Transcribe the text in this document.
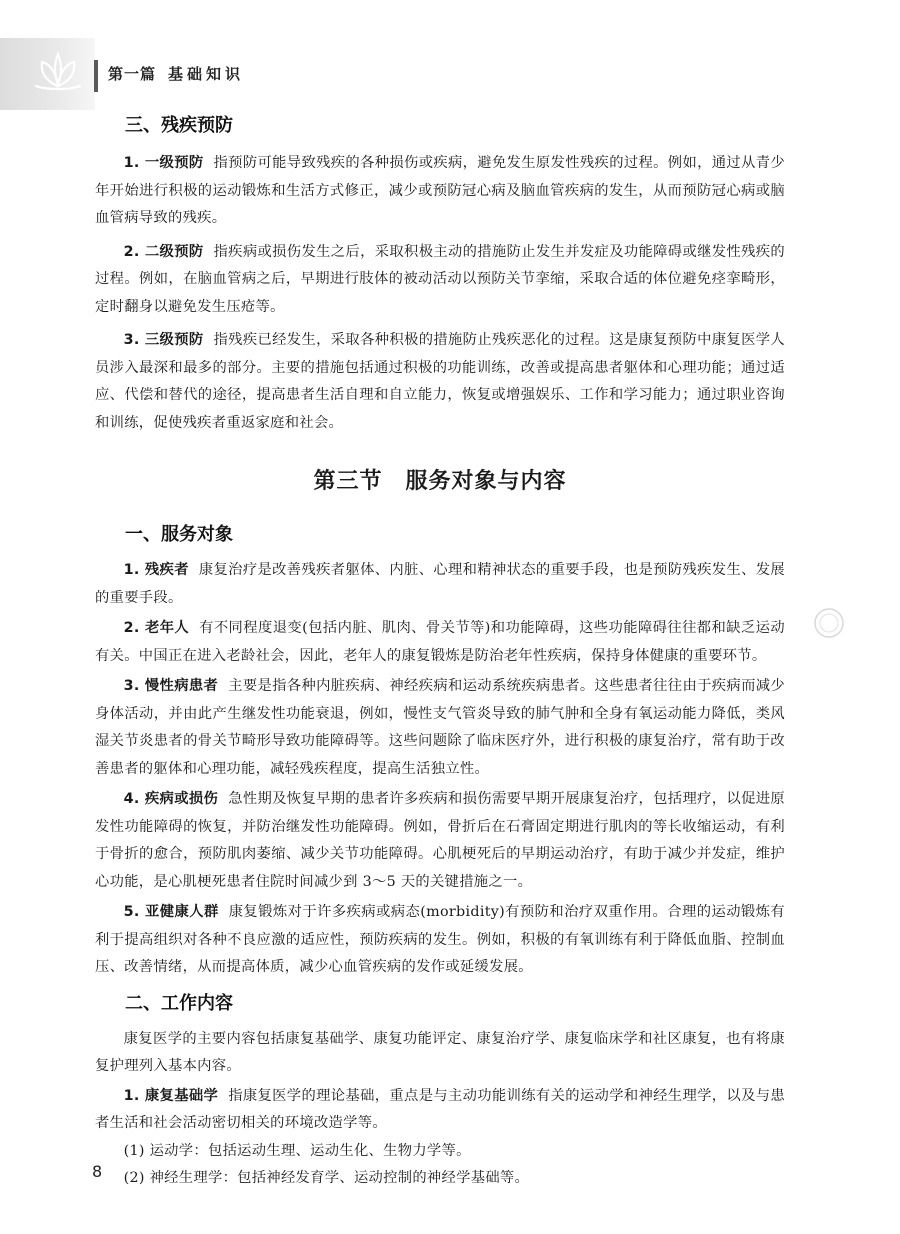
第一篇 基础知识
三、残疾预防

1. 一级预防 指预防可能导致残疾的各种损伤或疾病，避免发生原发性残疾的过程。例如，通过从青少年开始进行积极的运动锻炼和生活方式修正，减少或预防冠心病及脑血管疾病的发生，从而预防冠心病或脑血管病导致的残疾。

2. 二级预防 指疾病或损伤发生之后，采取积极主动的措施防止发生并发症及功能障碍或继发性残疾的过程。例如，在脑血管病之后，早期进行肢体的被动活动以预防关节挛缩，采取合适的体位避免痉挛畸形，定时翻身以避免发生压疮等。

3. 三级预防 指残疾已经发生，采取各种积极的措施防止残疾恶化的过程。这是康复预防中康复医学人员涉入最深和最多的部分。主要的措施包括通过积极的功能训练，改善或提高患者躯体和心理功能；通过适应、代偿和替代的途径，提高患者生活自理和自立能力，恢复或增强娱乐、工作和学习能力；通过职业咨询和训练，促使残疾者重返家庭和社会。

第三节　服务对象与内容
一、服务对象

1. 残疾者 康复治疗是改善残疾者躯体、内脏、心理和精神状态的重要手段，也是预防残疾发生、发展的重要手段。

2. 老年人 有不同程度退变(包括内脏、肌肉、骨关节等)和功能障碍，这些功能障碍往往都和缺乏运动有关。中国正在进入老龄社会，因此，老年人的康复锻炼是防治老年性疾病，保持身体健康的重要环节。

3. 慢性病患者 主要是指各种内脏疾病、神经疾病和运动系统疾病患者。这些患者往往由于疾病而减少身体活动，并由此产生继发性功能衰退，例如，慢性支气管炎导致的肺气肿和全身有氧运动能力降低，类风湿关节炎患者的骨关节畸形导致功能障碍等。这些问题除了临床医疗外，进行积极的康复治疗，常有助于改善患者的躯体和心理功能，减轻残疾程度，提高生活独立性。

4. 疾病或损伤 急性期及恢复早期的患者许多疾病和损伤需要早期开展康复治疗，包括理疗，以促进原发性功能障碍的恢复，并防治继发性功能障碍。例如，骨折后在石膏固定期进行肌肉的等长收缩运动，有利于骨折的愈合，预防肌肉萎缩、减少关节功能障碍。心肌梗死后的早期运动治疗，有助于减少并发症，维护心功能，是心肌梗死患者住院时间减少到 3～5 天的关键措施之一。

5. 亚健康人群 康复锻炼对于许多疾病或病态(morbidity)有预防和治疗双重作用。合理的运动锻炼有利于提高组织对各种不良应激的适应性，预防疾病的发生。例如，积极的有氧训练有利于降低血脂、控制血压、改善情绪，从而提高体质，减少心血管疾病的发作或延缓发展。

二、工作内容

康复医学的主要内容包括康复基础学、康复功能评定、康复治疗学、康复临床学和社区康复，也有将康复护理列入基本内容。

1. 康复基础学 指康复医学的理论基础，重点是与主动功能训练有关的运动学和神经生理学，以及与患者生活和社会活动密切相关的环境改造学等。

(1) 运动学：包括运动生理、运动生化、生物力学等。

(2) 神经生理学：包括神经发育学、运动控制的神经学基础等。

8
